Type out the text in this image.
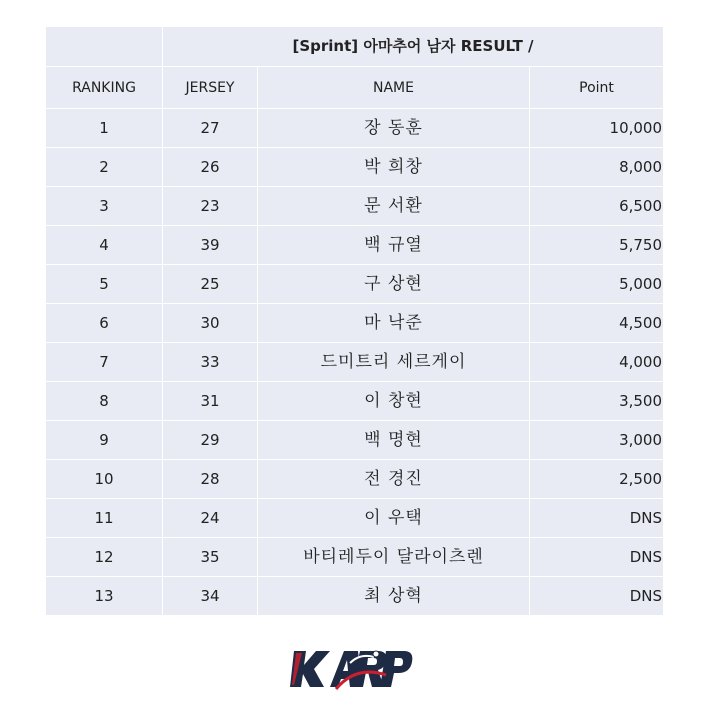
	[Sprint] 아마추어 남자 RESULT /		
RANKING	JERSEY	NAME	Point
1	27	장 동훈	10,000
2	26	박 희창	8,000
3	23	문 서환	6,500
4	39	백 규열	5,750
5	25	구 상현	5,000
6	30	마 낙준	4,500
7	33	드미트리 세르게이	4,000
8	31	이 창현	3,500
9	29	백 명현	3,000
10	28	전 경진	2,500
11	24	이 우택	DNS
12	35	바티레두이 달라이츠렌	DNS
13	34	최 상혁	DNS
